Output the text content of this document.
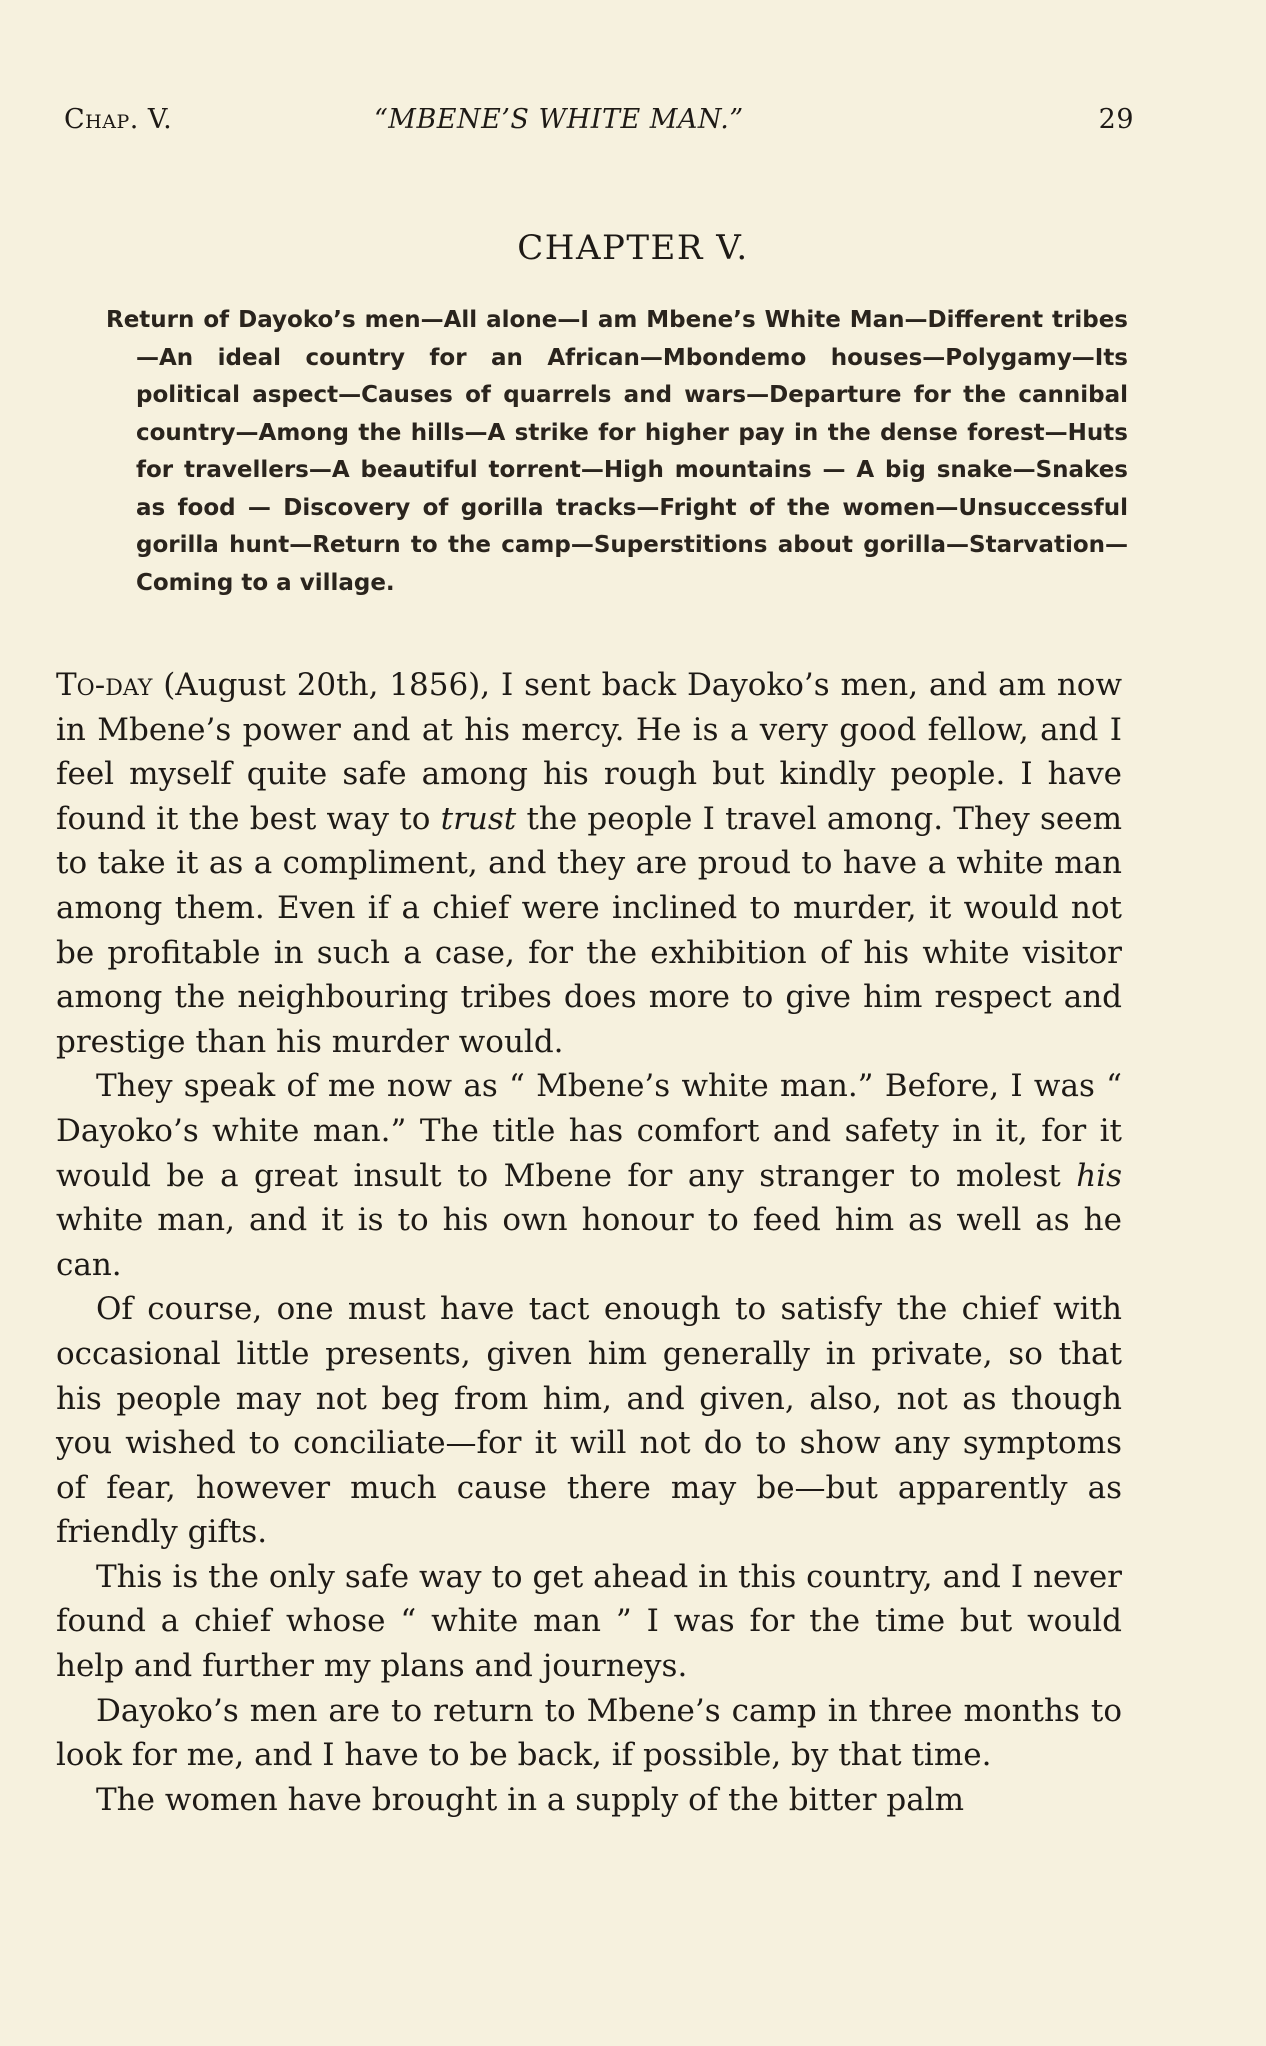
Chap. V.	“MBENE’S WHITE MAN.”	29
CHAPTER V.
Return of Dayoko’s men—All alone—I am Mbene’s White Man—Different tribes—An ideal country for an African—Mbondemo houses—Polygamy—Its political aspect—Causes of quarrels and wars—Departure for the cannibal country—Among the hills—A strike for higher pay in the dense forest—Huts for travellers—A beautiful torrent—High mountains — A big snake—Snakes as food — Discovery of gorilla tracks—Fright of the women—Unsuccessful gorilla hunt—Return to the camp—Superstitions about gorilla—Starvation—Coming to a village.

To-day (August 20th, 1856), I sent back Dayoko’s men, and am now in Mbene’s power and at his mercy. He is a very good fellow, and I feel myself quite safe among his rough but kindly people. I have found it the best way to trust the people I travel among. They seem to take it as a compliment, and they are proud to have a white man among them. Even if a chief were inclined to murder, it would not be profitable in such a case, for the exhibition of his white visitor among the neighbouring tribes does more to give him respect and prestige than his murder would.

They speak of me now as “ Mbene’s white man.” Before, I was “ Dayoko’s white man.” The title has comfort and safety in it, for it would be a great insult to Mbene for any stranger to molest his white man, and it is to his own honour to feed him as well as he can.

Of course, one must have tact enough to satisfy the chief with occasional little presents, given him generally in private, so that his people may not beg from him, and given, also, not as though you wished to conciliate—for it will not do to show any symptoms of fear, however much cause there may be—but apparently as friendly gifts.

This is the only safe way to get ahead in this country, and I never found a chief whose “ white man ” I was for the time but would help and further my plans and journeys.

Dayoko’s men are to return to Mbene’s camp in three months to look for me, and I have to be back, if possible, by that time.

The women have brought in a supply of the bitter palm
